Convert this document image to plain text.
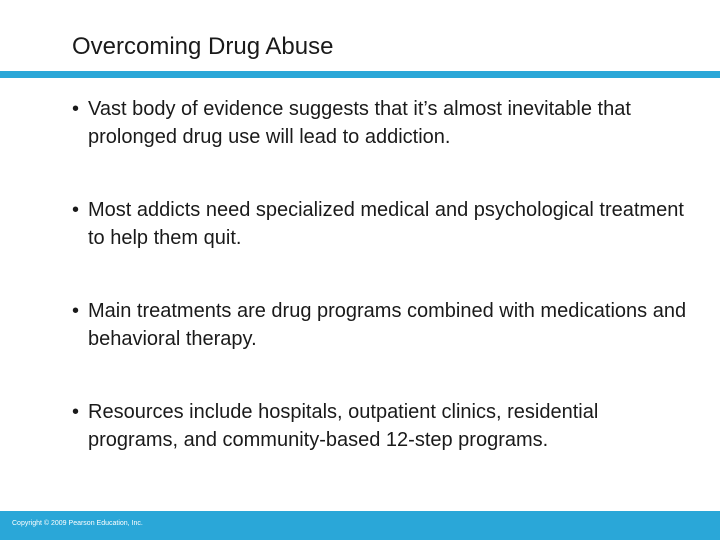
Overcoming Drug Abuse
• Vast body of evidence suggests that it’s almost inevitable that prolonged drug use will lead to addiction.
• Most addicts need specialized medical and psychological treatment to help them quit.
• Main treatments are drug programs combined with medications and behavioral therapy.
• Resources include hospitals, outpatient clinics, residential programs, and community-based 12-step programs.
Copyright © 2009 Pearson Education, Inc.
